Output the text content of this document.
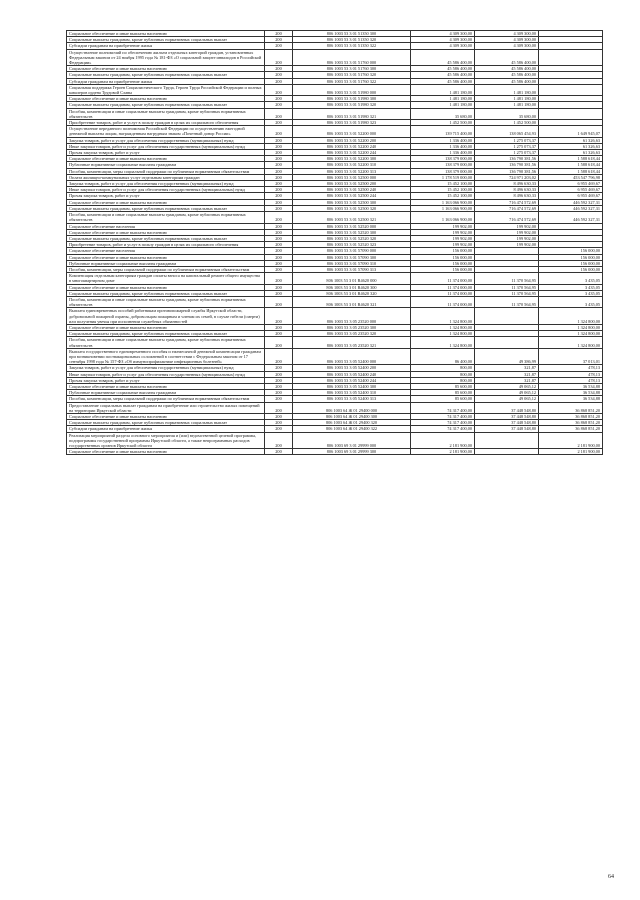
Социальное обеспечение и иные выплаты населению	200	806 1003 53 3 01 51350 300	4 309 300,00	4 309 300,00	
Социальные выплаты гражданам, кроме публичных нормативных социальных выплат	200	806 1003 53 3 01 51350 320	4 309 300,00	4 309 300,00	
Субсидии гражданам на приобретение жилья	200	806 1003 53 3 01 51350 322	4 309 300,00	4 309 300,00	
Осуществление полномочий по обеспечению жильем отдельных категорий граждан, установленных Федеральным законом от 24 ноября 1995 года № 181-ФЗ «О социальной защите инвалидов в Российской Федерации»	200	806 1003 53 3 01 51760 000	45 586 400,00	45 586 400,00	
Социальное обеспечение и иные выплаты населению	200	806 1003 53 3 01 51760 300	45 586 400,00	45 586 400,00	
Социальные выплаты гражданам, кроме публичных нормативных социальных выплат	200	806 1003 53 3 01 51760 320	45 586 400,00	45 586 400,00	
Субсидии гражданам на приобретение жилья	200	806 1003 53 3 01 51760 322	45 586 400,00	45 586 400,00	
Социальная поддержка Героев Социалистического Труда, Героев Труда Российской Федерации и полных кавалеров ордена Трудовой Славы	200	806 1003 53 3 01 51980 000	1 481 180,00	1 481 180,00	
Социальное обеспечение и иные выплаты населению	200	806 1003 53 3 01 51980 300	1 481 180,00	1 481 180,00	
Социальные выплаты гражданам, кроме публичных нормативных социальных выплат	200	806 1003 53 3 01 51980 320	1 481 180,00	1 481 180,00	
Пособия, компенсации и иные социальные выплаты гражданам, кроме публичных нормативных обязательств	200	806 1003 53 3 01 51980 321	35 680,00	35 680,00	
Приобретение товаров, работ и услуг в пользу граждан в целях их социального обеспечения	200	806 1003 53 3 01 51980 323	1 452 500,00	1 452 500,00	
Осуществление переданного полномочия Российской Федерации по осуществлению ежегодной денежной выплаты лицам, награжденным нагрудным знаком «Почетный донор России»	200	806 1003 53 3 01 52200 000	139 715 400,00	138 065 454,93	1 649 945,07
Закупка товаров, работ и услуг для обеспечения государственных (муниципальных) нужд	200	806 1003 53 3 01 52200 200	1 336 400,00	1 275 073,37	61 326,63
Иные закупки товаров, работ и услуг для обеспечения государственных (муниципальных) нужд	200	806 1003 53 3 01 52200 240	1 336 400,00	1 275 073,37	61 326,63
Прочая закупка товаров, работ и услуг	200	806 1003 53 3 01 52200 244	1 336 400,00	1 275 073,37	61 326,63
Социальное обеспечение и иные выплаты населению	200	806 1003 53 3 01 52200 300	138 379 000,00	136 790 381,56	1 588 618,44
Публичные нормативные социальные выплаты гражданам	200	806 1003 53 3 01 52200 310	138 379 000,00	136 790 381,56	1 588 618,44
Пособия, компенсации, меры социальной поддержки по публичным нормативным обязательствам	200	806 1003 53 3 01 52200 313	138 379 000,00	136 790 381,56	1 588 618,44
Оплата жилищно-коммунальных услуг отдельным категориям граждан	200	806 1003 53 3 01 52500 000	1 178 519 000,00	724 971 203,02	453 547 796,98
Закупка товаров, работ и услуг для обеспечения государственных (муниципальных) нужд	200	806 1003 53 3 01 52500 200	15 452 100,00	8 496 630,33	6 955 469,67
Иные закупки товаров, работ и услуг для обеспечения государственных (муниципальных) нужд	200	806 1003 53 3 01 52500 240	15 452 100,00	8 496 630,33	6 955 469,67
Прочая закупка товаров, работ и услуг	200	806 1003 53 3 01 52500 244	15 452 100,00	8 496 630,33	6 955 469,67
Социальное обеспечение и иные выплаты населению	200	806 1003 53 3 01 52500 300	1 163 066 900,00	716 474 572,69	446 592 327,31
Социальные выплаты гражданам, кроме публичных нормативных социальных выплат	200	806 1003 53 3 01 52500 320	1 163 066 900,00	716 474 572,69	446 592 327,31
Пособия, компенсации и иные социальные выплаты гражданам, кроме публичных нормативных обязательств	200	806 1003 53 3 01 52500 321	1 163 066 900,00	716 474 572,69	446 592 327,31
Социальное обеспечение населения	200	806 1003 53 3 01 52520 000	199 902,00	199 902,00	
Социальное обеспечение и иные выплаты населению	200	806 1003 53 3 01 52520 300	199 902,00	199 902,00	
Социальные выплаты гражданам, кроме публичных нормативных социальных выплат	200	806 1003 53 3 01 52520 320	199 902,00	199 902,00	
Приобретение товаров, работ и услуг в пользу граждан в целях их социального обеспечения	200	806 1003 53 3 01 52520 323	199 902,00	199 902,00	
Социальное обеспечение населения	200	806 1003 53 3 01 57090 000	156 000,00		156 000,00
Социальное обеспечение и иные выплаты населению	200	806 1003 53 3 01 57090 300	156 000,00		156 000,00
Публичные нормативные социальные выплаты гражданам	200	806 1003 53 3 01 57090 310	156 000,00		156 000,00
Пособия, компенсации, меры социальной поддержки по публичным нормативным обязательствам	200	806 1003 53 3 01 57090 313	156 000,00		156 000,00
Компенсация отдельным категориям граждан оплаты взноса на капитальный ремонт общего имущества в многоквартирном доме	200	806 1003 53 3 01 R4620 000	11 374 000,00	11 370 564,95	3 435,05
Социальное обеспечение и иные выплаты населению	200	806 1003 53 3 01 R4620 300	11 374 000,00	11 370 564,95	3 435,05
Социальные выплаты гражданам, кроме публичных нормативных социальных выплат	200	806 1003 53 3 01 R4620 320	11 374 000,00	11 370 564,95	3 435,05
Пособия, компенсации и иные социальные выплаты гражданам, кроме публичных нормативных обязательств	200	806 1003 53 3 01 R4620 321	11 374 000,00	11 370 564,95	3 435,05
Выплата единовременных пособий работникам противопожарной службы Иркутской области, добровольной пожарной охраны, добровольцам пожарным и членам их семей, в случае гибели (смерти) или получения увечья при исполнении служебных обязанностей	200	806 1003 53 3 05 23520 000	1 324 800,00		1 324 800,00
Социальное обеспечение и иные выплаты населению	200	806 1003 53 3 05 23520 300	1 324 800,00		1 324 800,00
Социальные выплаты гражданам, кроме публичных нормативных социальных выплат	200	806 1003 53 3 05 23520 320	1 324 800,00		1 324 800,00
Пособия, компенсации и иные социальные выплаты гражданам, кроме публичных нормативных обязательств	200	806 1003 53 3 05 23520 321	1 324 800,00		1 324 800,00
Выплата государственного единовременного пособия и ежемесячной денежной компенсации гражданам при возникновении поствакцинальных осложнений в соответствии с Федеральным законом от 17 сентября 1998 года № 157-ФЗ «Об иммунопрофилактике инфекционных болезней»	200	806 1003 53 3 05 52400 000	86 400,00	49 386,99	37 013,01
Закупка товаров, работ и услуг для обеспечения государственных (муниципальных) нужд	200	806 1003 53 3 05 52400 200	800,00	321,87	478,13
Иные закупки товаров, работ и услуг для обеспечения государственных (муниципальных) нужд	200	806 1003 53 3 05 52400 240	800,00	321,87	478,13
Прочая закупка товаров, работ и услуг	200	806 1003 53 3 05 52400 244	800,00	321,87	478,13
Социальное обеспечение и иные выплаты населению	200	806 1003 53 3 05 52400 300	85 600,00	49 065,12	36 534,88
Публичные нормативные социальные выплаты гражданам	200	806 1003 53 3 05 52400 310	85 600,00	49 065,12	36 534,88
Пособия, компенсации, меры социальной поддержки по публичным нормативным обязательствам	200	806 1003 53 3 05 52400 313	85 600,00	49 065,12	36 534,88
Предоставление социальных выплат гражданам на приобретение или строительство жилых помещений на территории Иркутской области	200	806 1003 64 Ж 01 29400 000	74 317 400,00	37 448 548,80	36 868 851,20
Социальное обеспечение и иные выплаты населению	200	806 1003 64 Ж 01 29400 300	74 317 400,00	37 448 548,80	36 868 851,20
Социальные выплаты гражданам, кроме публичных нормативных социальных выплат	200	806 1003 64 Ж 01 29400 320	74 317 400,00	37 448 548,80	36 868 851,20
Субсидии гражданам на приобретение жилья	200	806 1003 64 Ж 01 29400 322	74 317 400,00	37 448 548,80	36 868 851,20
Реализация мероприятий раздела основного мероприятия и (или) ведомственной целевой программы, подпрограммы государственной программы Иркутской области, а также непрограммных расходов государственных органов Иркутской области	200	806 1003 69 3 01 29999 000	2 181 900,00		2 181 900,00
Социальное обеспечение и иные выплаты населению	200	806 1003 69 3 01 29999 300	2 181 900,00		2 181 900,00
64
